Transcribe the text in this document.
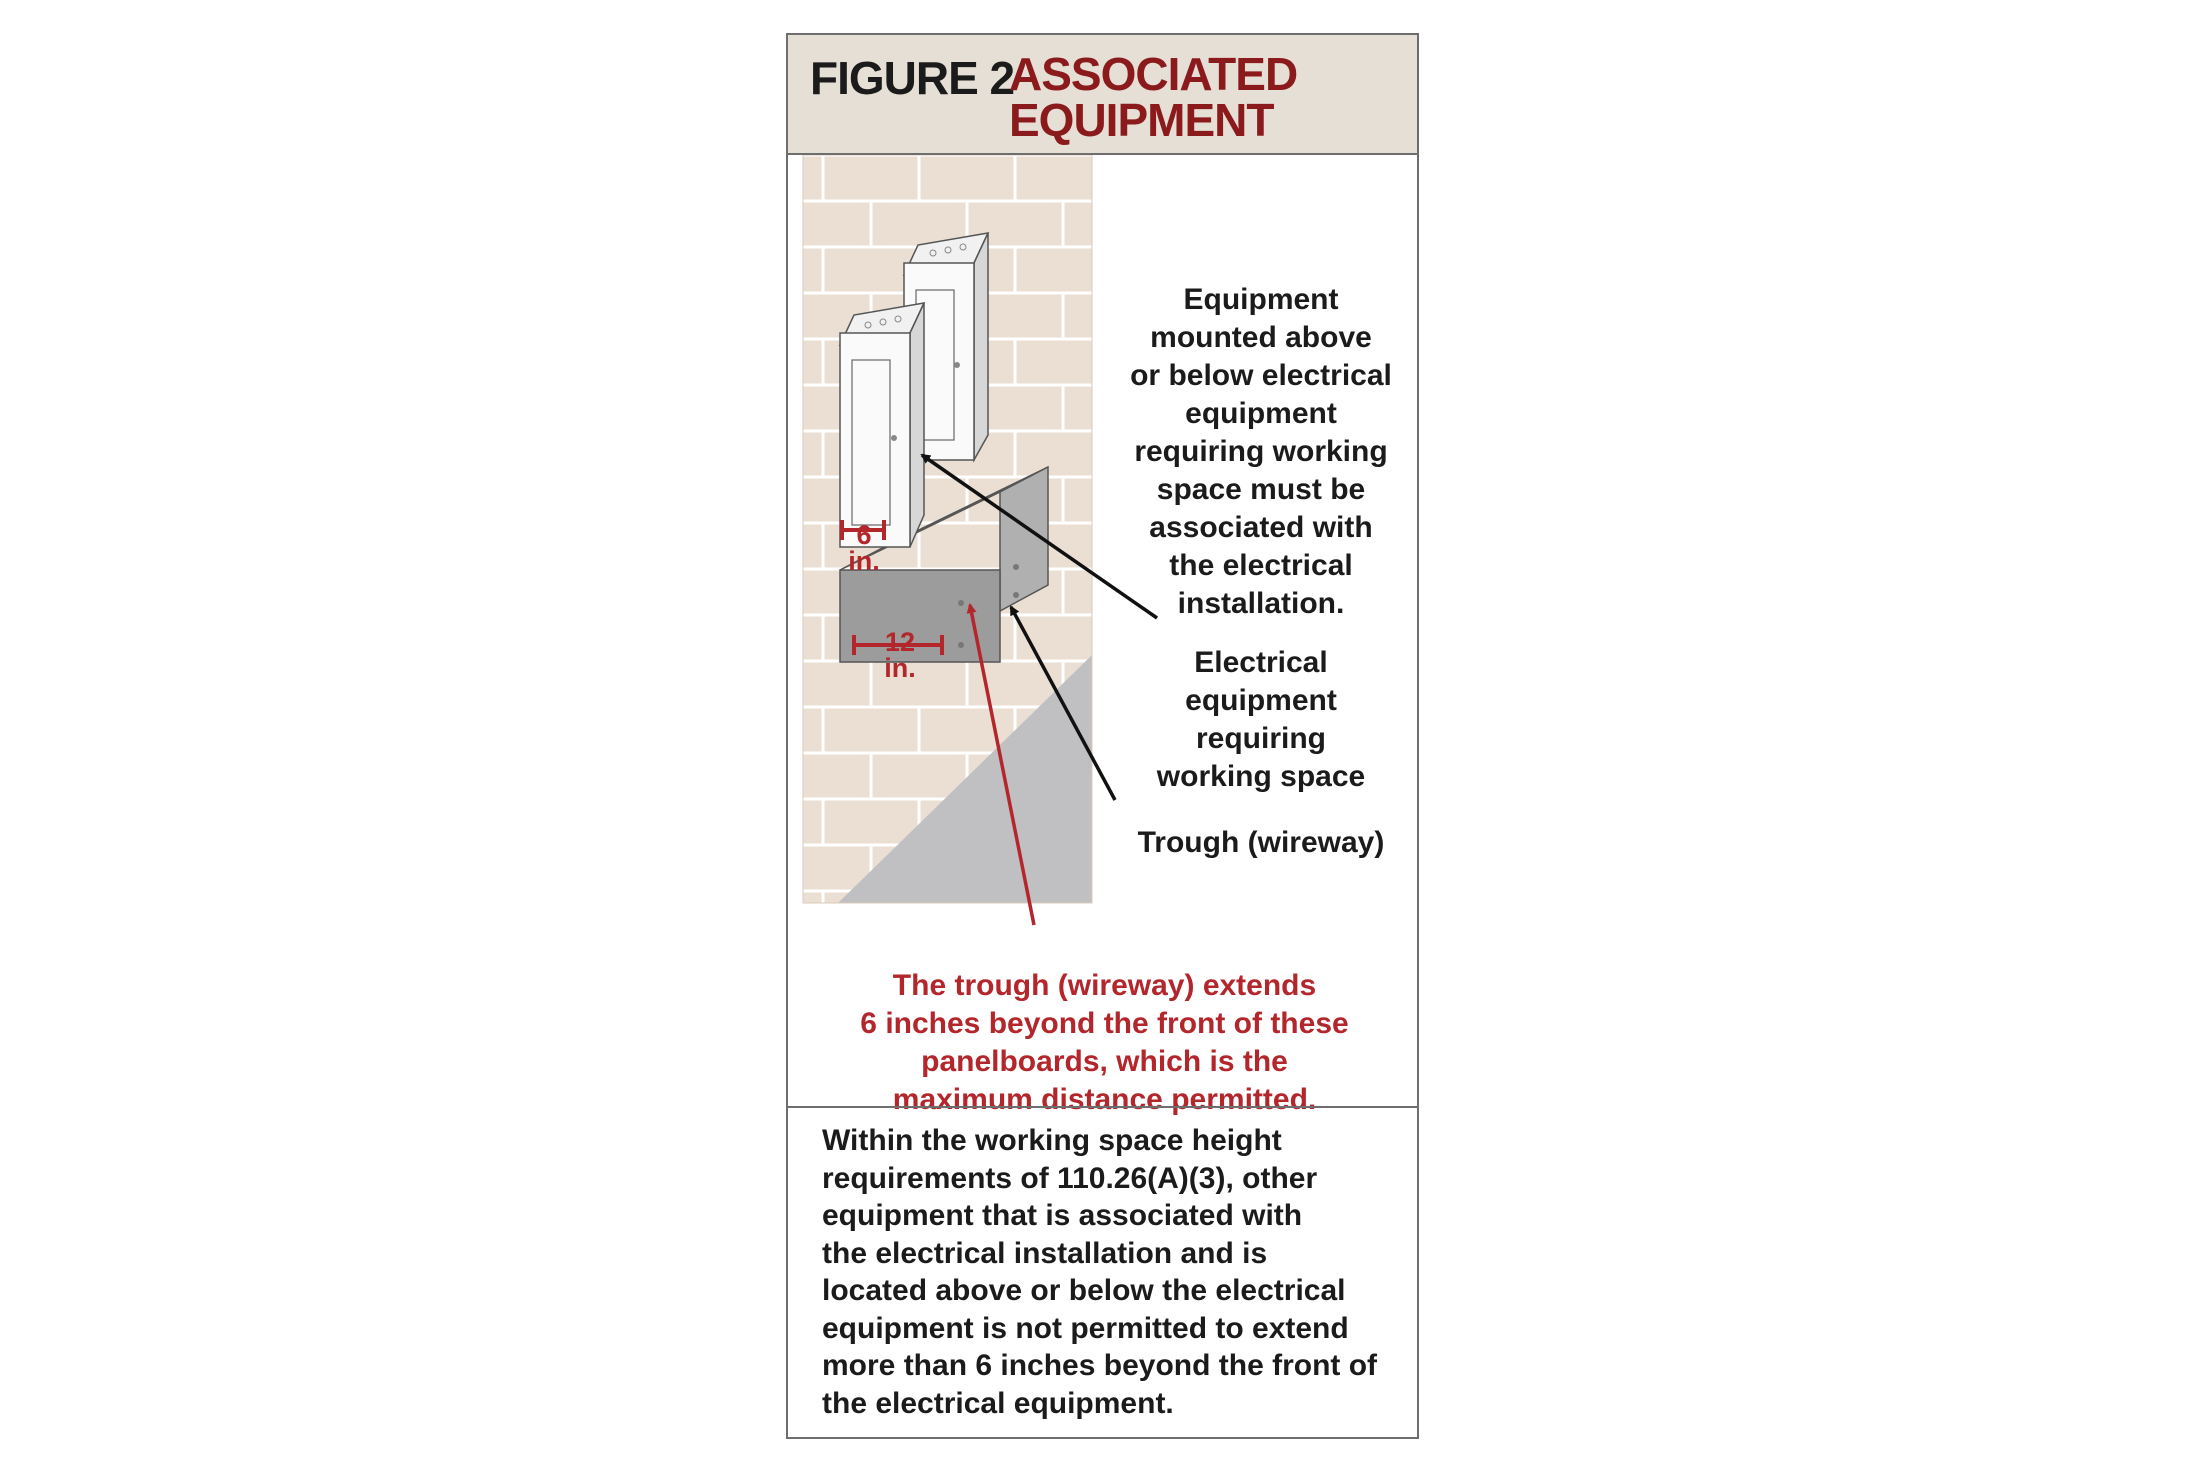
FIGURE 2
ASSOCIATED
EQUIPMENT
6
in.
12
in.
Equipment
mounted above
or below electrical
equipment
requiring working
space must be
associated with
the electrical
installation.
Electrical
equipment
requiring
working space
Trough (wireway)
The trough (wireway) extends
6 inches beyond the front of these
panelboards, which is the
maximum distance permitted.
Within the working space height
requirements of 110.26(A)(3), other
equipment that is associated with
the electrical installation and is
located above or below the electrical
equipment is not permitted to extend
more than 6 inches beyond the front of
the electrical equipment.
